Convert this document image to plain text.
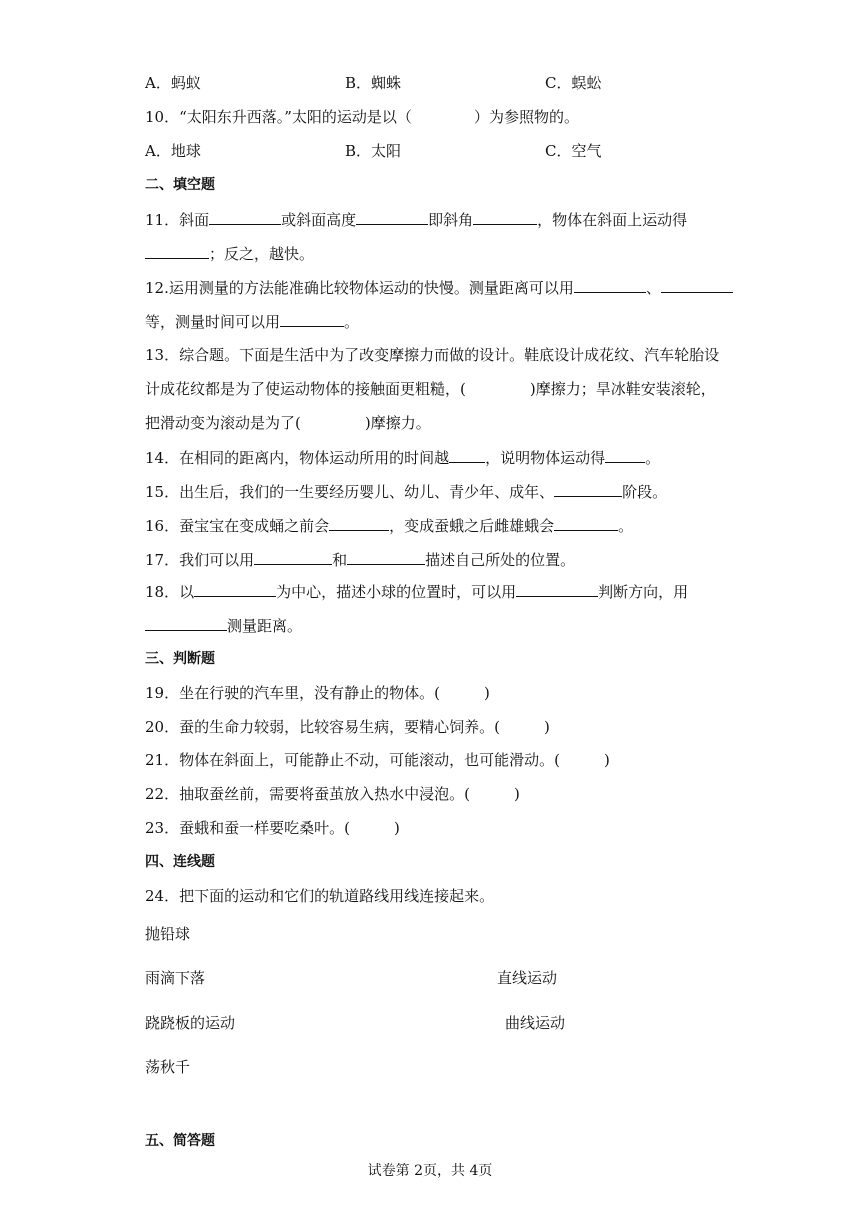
A．蚂蚁	B．蜘蛛	C．蜈蚣
10．“太阳东升西落。”太阳的运动是以（	）为参照物的。
A．地球	B．太阳	C．空气
二、填空题
11．斜面	或斜面高度	即斜角	，物体在斜面上运动得
；反之，越快。
12.运用测量的方法能准确比较物体运动的快慢。测量距离可以用	、
等，测量时间可以用	。
13．综合题。下面是生活中为了改变摩擦力而做的设计。鞋底设计成花纹、汽车轮胎设
计成花纹都是为了使运动物体的接触面更粗糙，(	)摩擦力；旱冰鞋安装滚轮，
把滑动变为滚动是为了(	)摩擦力。
14．在相同的距离内，物体运动所用的时间越 ，说明物体运动得	。
15．出生后，我们的一生要经历婴儿、幼儿、青少年、成年、	阶段。
16．蚕宝宝在变成蛹之前会	，变成蚕蛾之后雌雄蛾会	。
17．我们可以用	和	描述自己所处的位置。
18．以	为中心，描述小球的位置时，可以用	判断方向，用
测量距离。
三、判断题
19．坐在行驶的汽车里，没有静止的物体。(	)
20．蚕的生命力较弱，比较容易生病，要精心饲养。(	)
21．物体在斜面上，可能静止不动，可能滚动，也可能滑动。(	)
22．抽取蚕丝前，需要将蚕茧放入热水中浸泡。(	)
23．蚕蛾和蚕一样要吃桑叶。(	)
四、连线题
24．把下面的运动和它们的轨道路线用线连接起来。
抛铅球
雨滴下落
跷跷板的运动
荡秋千
直线运动
曲线运动
五、简答题
试卷第 2页，共 4页
